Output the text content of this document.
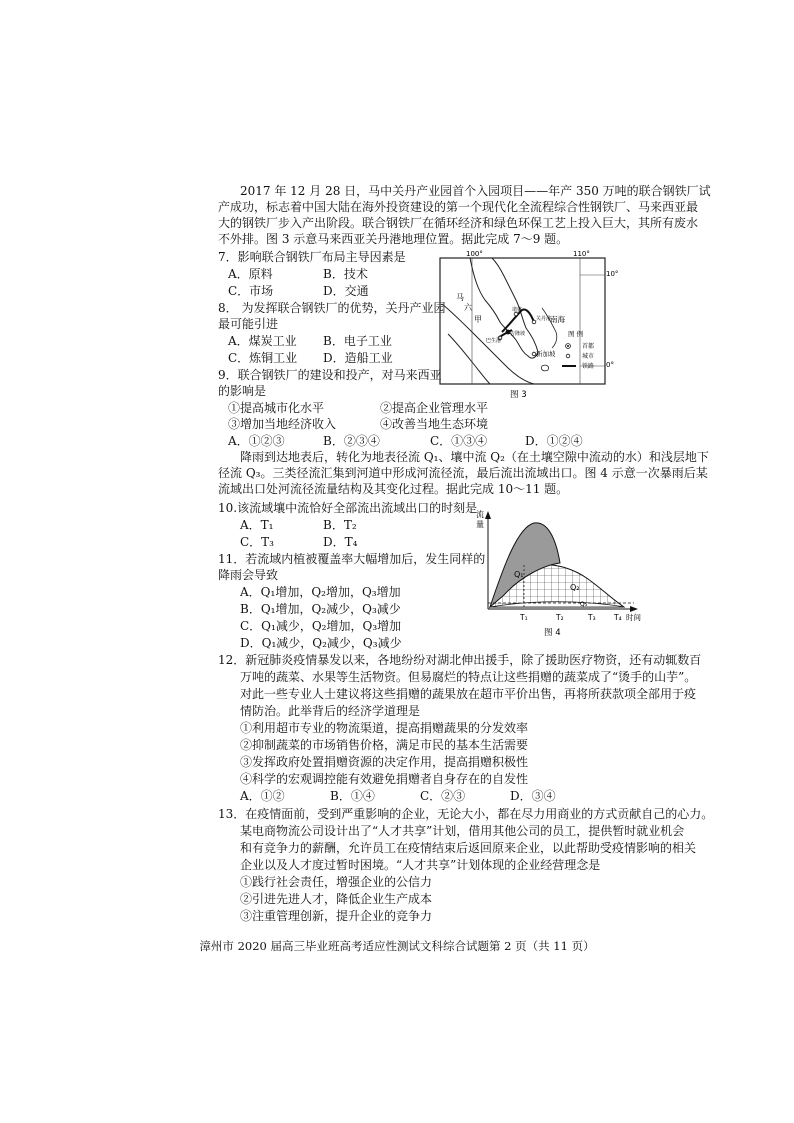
2017 年 12 月 28 日，马中关丹产业园首个入园项目——年产 350 万吨的联合钢铁厂试
产成功，标志着中国大陆在海外投资建设的第一个现代化全流程综合性钢铁厂、马来西亚最
大的钢铁厂步入产出阶段。联合钢铁厂在循环经济和绿色环保工艺上投入巨大，其所有废水
不外排。图 3 示意马来西亚关丹港地理位置。据此完成 7～9 题。
7．影响联合钢铁厂布局主导因素是
A．原料	B．技术
C．市场	D．交通
8． 为发挥联合钢铁厂的优势，关丹产业园
最可能引进
A．煤炭工业 B．电子工业
C．炼铜工业 D．造船工业
9．联合钢铁厂的建设和投产，对马来西亚
的影响是
①提高城市化水平	②提高企业管理水平
③增加当地经济收入	④改善当地生态环境
A．①②③	B．②③④	C．①③④	D．①②④
100°	110°
10°
0°
马
六
甲
诸盛
关丹港
南海
吉隆坡
巴生港
新加坡
图 例
首都
城市
铁路
图 3
降雨到达地表后，转化为地表径流 Q₁、壤中流 Q₂（在土壤空隙中流动的水）和浅层地下
径流 Q₃。三类径流汇集到河道中形成河流径流，最后流出流域出口。图 4 示意一次暴雨后某
流域出口处河流径流量结构及其变化过程。据此完成 10～11 题。
10.该流域壤中流恰好全部流出流域出口的时刻是
A．T₁	B．T₂
C．T₃	D．T₄
11．若流域内植被覆盖率大幅增加后，发生同样的
降雨会导致
A．Q₁增加，Q₂增加，Q₃增加
B．Q₁增加，Q₂减少，Q₃减少
C．Q₁减少，Q₂增加，Q₃增加
D．Q₁减少，Q₂减少，Q₃减少
流
量
Q₁
Q₂
Q₃
T₁	T₂	T₃ T₄ 时间
图 4
12．新冠肺炎疫情暴发以来，各地纷纷对湖北伸出援手，除了援助医疗物资，还有动辄数百
万吨的蔬菜、水果等生活物资。但易腐烂的特点让这些捐赠的蔬菜成了“烫手的山芋”。
对此一些专业人士建议将这些捐赠的蔬果放在超市平价出售，再将所获款项全部用于疫
情防治。此举背后的经济学道理是
①利用超市专业的物流渠道，提高捐赠蔬果的分发效率
②抑制蔬菜的市场销售价格，满足市民的基本生活需要
③发挥政府处置捐赠资源的决定作用，提高捐赠积极性
④科学的宏观调控能有效避免捐赠者自身存在的自发性
A．①②	B．①④	C．②③	D．③④
13．在疫情面前，受到严重影响的企业，无论大小，都在尽力用商业的方式贡献自己的心力。
某电商物流公司设计出了“人才共享”计划，借用其他公司的员工，提供暂时就业机会
和有竞争力的薪酬，允许员工在疫情结束后返回原来企业，以此帮助受疫情影响的相关
企业以及人才度过暂时困境。“人才共享”计划体现的企业经营理念是
①践行社会责任，增强企业的公信力
②引进先进人才，降低企业生产成本
③注重管理创新，提升企业的竞争力
漳州市 2020 届高三毕业班高考适应性测试文科综合试题第 2 页（共 11 页）
